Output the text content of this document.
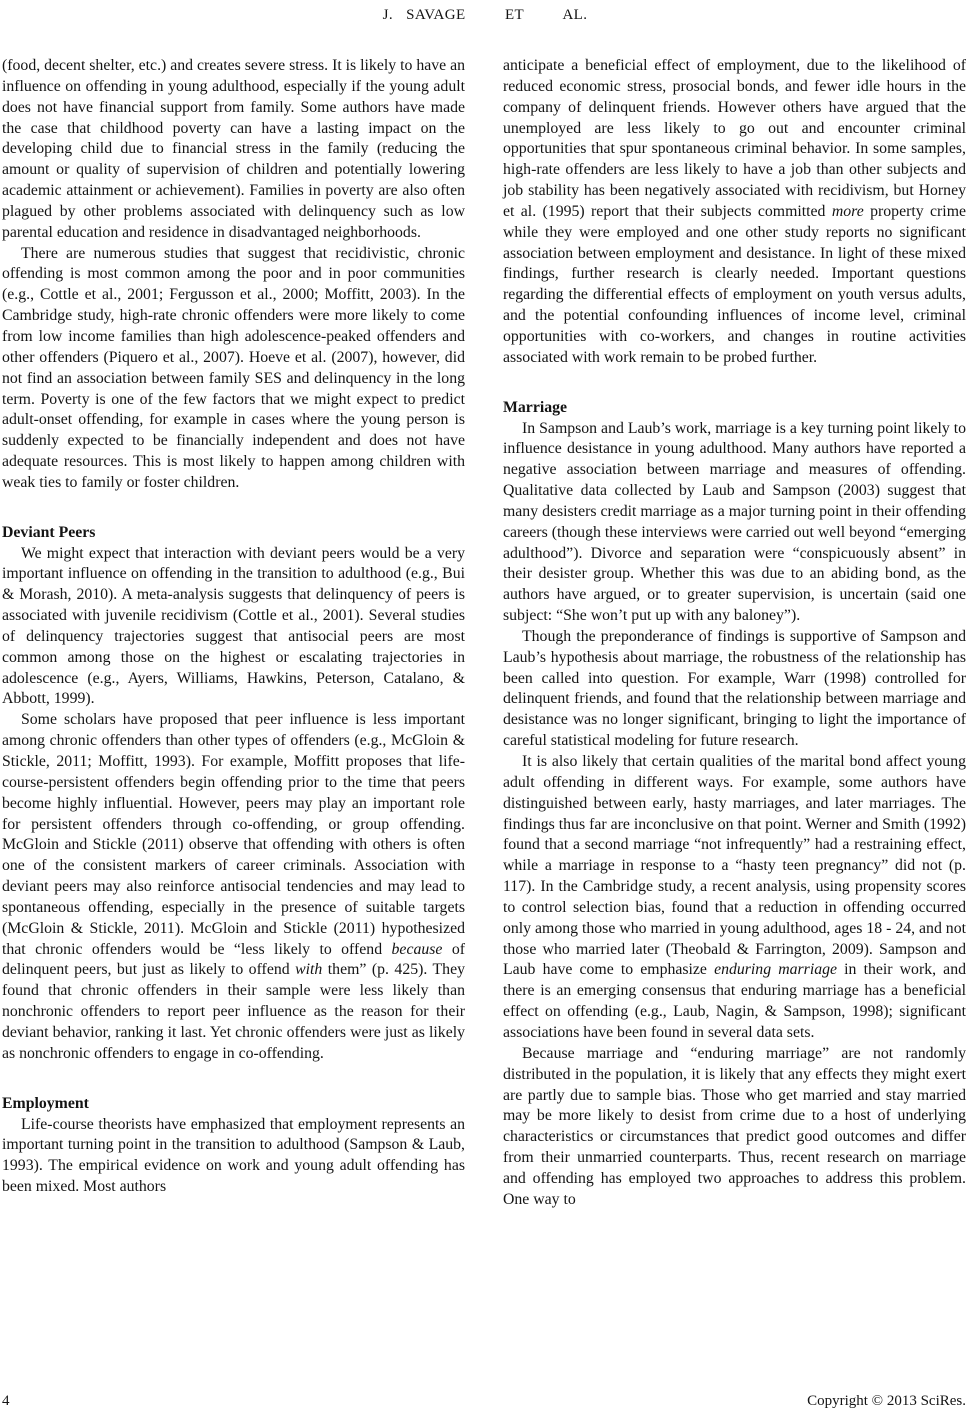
J. SAVAGE   ET   AL.

(food, decent shelter, etc.) and creates severe stress. It is likely to have an influence on offending in young adulthood, especially if the young adult does not have financial support from family. Some authors have made the case that childhood poverty can have a lasting impact on the developing child due to financial stress in the family (reducing the amount or quality of supervision of children and potentially lowering academic attainment or achievement). Families in poverty are also often plagued by other problems associated with delinquency such as low parental education and residence in disadvantaged neighborhoods.

There are numerous studies that suggest that recidivistic, chronic offending is most common among the poor and in poor communities (e.g., Cottle et al., 2001; Fergusson et al., 2000; Moffitt, 2003). In the Cambridge study, high-rate chronic offenders were more likely to come from low income families than high adolescence-peaked offenders and other offenders (Piquero et al., 2007). Hoeve et al. (2007), however, did not find an association between family SES and delinquency in the long term. Poverty is one of the few factors that we might expect to predict adult-onset offending, for example in cases where the young person is suddenly expected to be financially independent and does not have adequate resources. This is most likely to happen among children with weak ties to family or foster children.

Deviant Peers

We might expect that interaction with deviant peers would be a very important influence on offending in the transition to adulthood (e.g., Bui & Morash, 2010). A meta-analysis suggests that delinquency of peers is associated with juvenile recidivism (Cottle et al., 2001). Several studies of delinquency trajectories suggest that antisocial peers are most common among those on the highest or escalating trajectories in adolescence (e.g., Ayers, Williams, Hawkins, Peterson, Catalano, & Abbott, 1999).

Some scholars have proposed that peer influence is less important among chronic offenders than other types of offenders (e.g., McGloin & Stickle, 2011; Moffitt, 1993). For example, Moffitt proposes that life-course-persistent offenders begin offending prior to the time that peers become highly influential. However, peers may play an important role for persistent offenders through co-offending, or group offending. McGloin and Stickle (2011) observe that offending with others is often one of the consistent markers of career criminals. Association with deviant peers may also reinforce antisocial tendencies and may lead to spontaneous offending, especially in the presence of suitable targets (McGloin & Stickle, 2011). McGloin and Stickle (2011) hypothesized that chronic offenders would be “less likely to offend because of delinquent peers, but just as likely to offend with them” (p. 425). They found that chronic offenders in their sample were less likely than nonchronic offenders to report peer influence as the reason for their deviant behavior, ranking it last. Yet chronic offenders were just as likely as nonchronic offenders to engage in co-offending.

Employment

Life-course theorists have emphasized that employment represents an important turning point in the transition to adulthood (Sampson & Laub, 1993). The empirical evidence on work and young adult offending has been mixed. Most authors

anticipate a beneficial effect of employment, due to the likelihood of reduced economic stress, prosocial bonds, and fewer idle hours in the company of delinquent friends. However others have argued that the unemployed are less likely to go out and encounter criminal opportunities that spur spontaneous criminal behavior. In some samples, high-rate offenders are less likely to have a job than other subjects and job stability has been negatively associated with recidivism, but Horney et al. (1995) report that their subjects committed more property crime while they were employed and one other study reports no significant association between employment and desistance. In light of these mixed findings, further research is clearly needed. Important questions regarding the differential effects of employment on youth versus adults, and the potential confounding influences of income level, criminal opportunities with co-workers, and changes in routine activities associated with work remain to be probed further.

Marriage

In Sampson and Laub’s work, marriage is a key turning point likely to influence desistance in young adulthood. Many authors have reported a negative association between marriage and measures of offending. Qualitative data collected by Laub and Sampson (2003) suggest that many desisters credit marriage as a major turning point in their offending careers (though these interviews were carried out well beyond “emerging adulthood”). Divorce and separation were “conspicuously absent” in their desister group. Whether this was due to an abiding bond, as the authors have argued, or to greater supervision, is uncertain (said one subject: “She won’t put up with any baloney”).

Though the preponderance of findings is supportive of Sampson and Laub’s hypothesis about marriage, the robustness of the relationship has been called into question. For example, Warr (1998) controlled for delinquent friends, and found that the relationship between marriage and desistance was no longer significant, bringing to light the importance of careful statistical modeling for future research.

It is also likely that certain qualities of the marital bond affect young adult offending in different ways. For example, some authors have distinguished between early, hasty marriages, and later marriages. The findings thus far are inconclusive on that point. Werner and Smith (1992) found that a second marriage “not infrequently” had a restraining effect, while a marriage in response to a “hasty teen pregnancy” did not (p. 117). In the Cambridge study, a recent analysis, using propensity scores to control selection bias, found that a reduction in offending occurred only among those who married in young adulthood, ages 18 - 24, and not those who married later (Theobald & Farrington, 2009). Sampson and Laub have come to emphasize enduring marriage in their work, and there is an emerging consensus that enduring marriage has a beneficial effect on offending (e.g., Laub, Nagin, & Sampson, 1998); significant associations have been found in several data sets.

Because marriage and “enduring marriage” are not randomly distributed in the population, it is likely that any effects they might exert are partly due to sample bias. Those who get married and stay married may be more likely to desist from crime due to a host of underlying characteristics or circumstances that predict good outcomes and differ from their unmarried counterparts. Thus, recent research on marriage and offending has employed two approaches to address this problem. One way to

4	Copyright © 2013 SciRes.
